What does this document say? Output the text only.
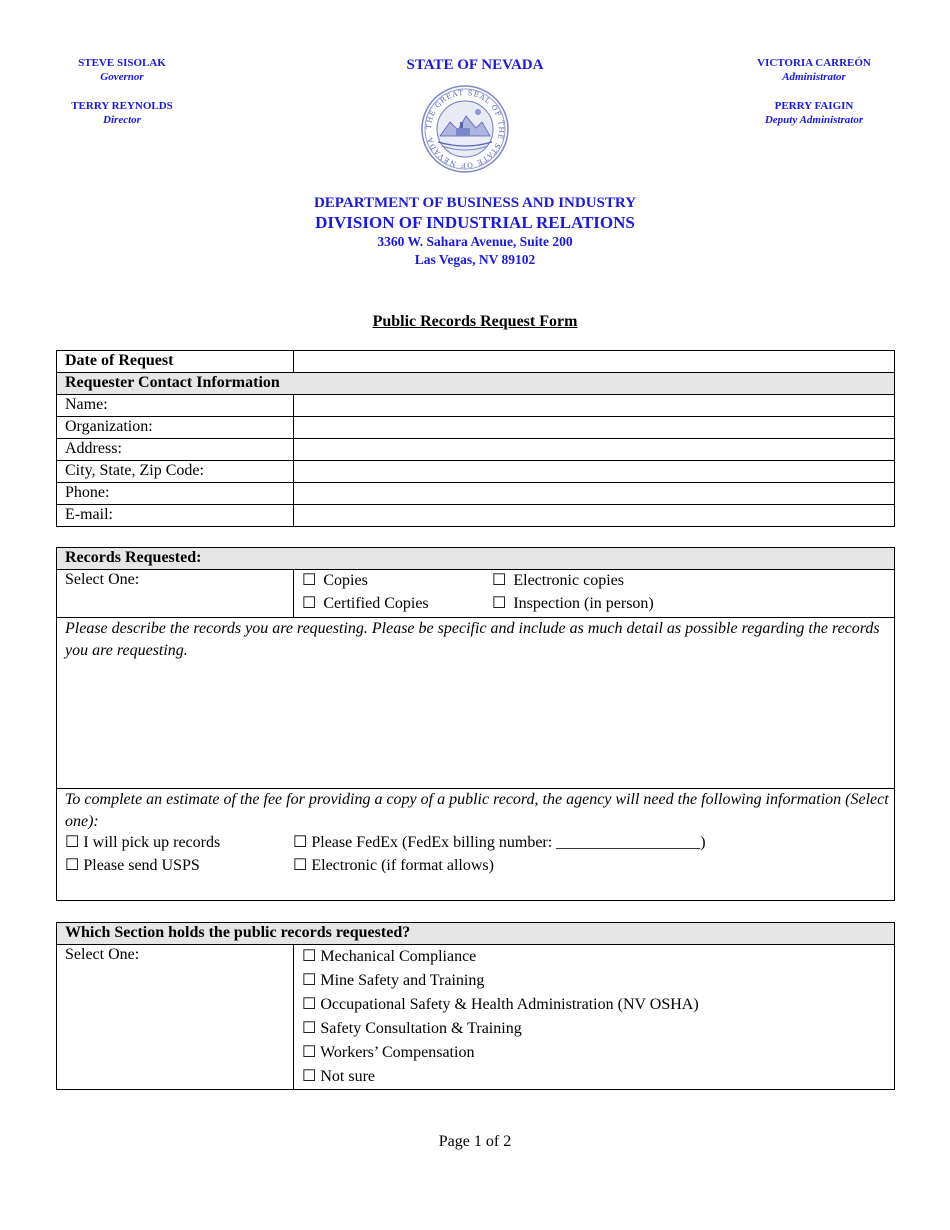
STEVE SISOLAK
Governor
TERRY REYNOLDS
Director
STATE OF NEVADA
THE GREAT SEAL OF THE STATE OF NEVADA
VICTORIA CARREÓN
Administrator
PERRY FAIGIN
Deputy Administrator
DEPARTMENT OF BUSINESS AND INDUSTRY
DIVISION OF INDUSTRIAL RELATIONS
3360 W. Sahara Avenue, Suite 200
Las Vegas, NV 89102
Public Records Request Form
Date of Request	
Requester Contact Information	
Name:	
Organization:	
Address:	
City, State, Zip Code:	
Phone:	
E-mail:	
Records Requested:
Select One:	☐ Copies	☐ Electronic copies
☐ Certified Copies	☐ Inspection (in person)

Please describe the records you are requesting. Please be specific and include as much detail as possible regarding the records you are requesting.

To complete an estimate of the fee for providing a copy of a public record, the agency will need the following information (Select one):
☐ I will pick up records	☐ Please FedEx (FedEx billing number: __________________)
☐ Please send USPS	☐ Electronic (if format allows)
Which Section holds the public records requested?
Select One:	☐ Mechanical Compliance
☐ Mine Safety and Training
☐ Occupational Safety & Health Administration (NV OSHA)
☐ Safety Consultation & Training
☐ Workers’ Compensation
☐ Not sure
Page 1 of 2
